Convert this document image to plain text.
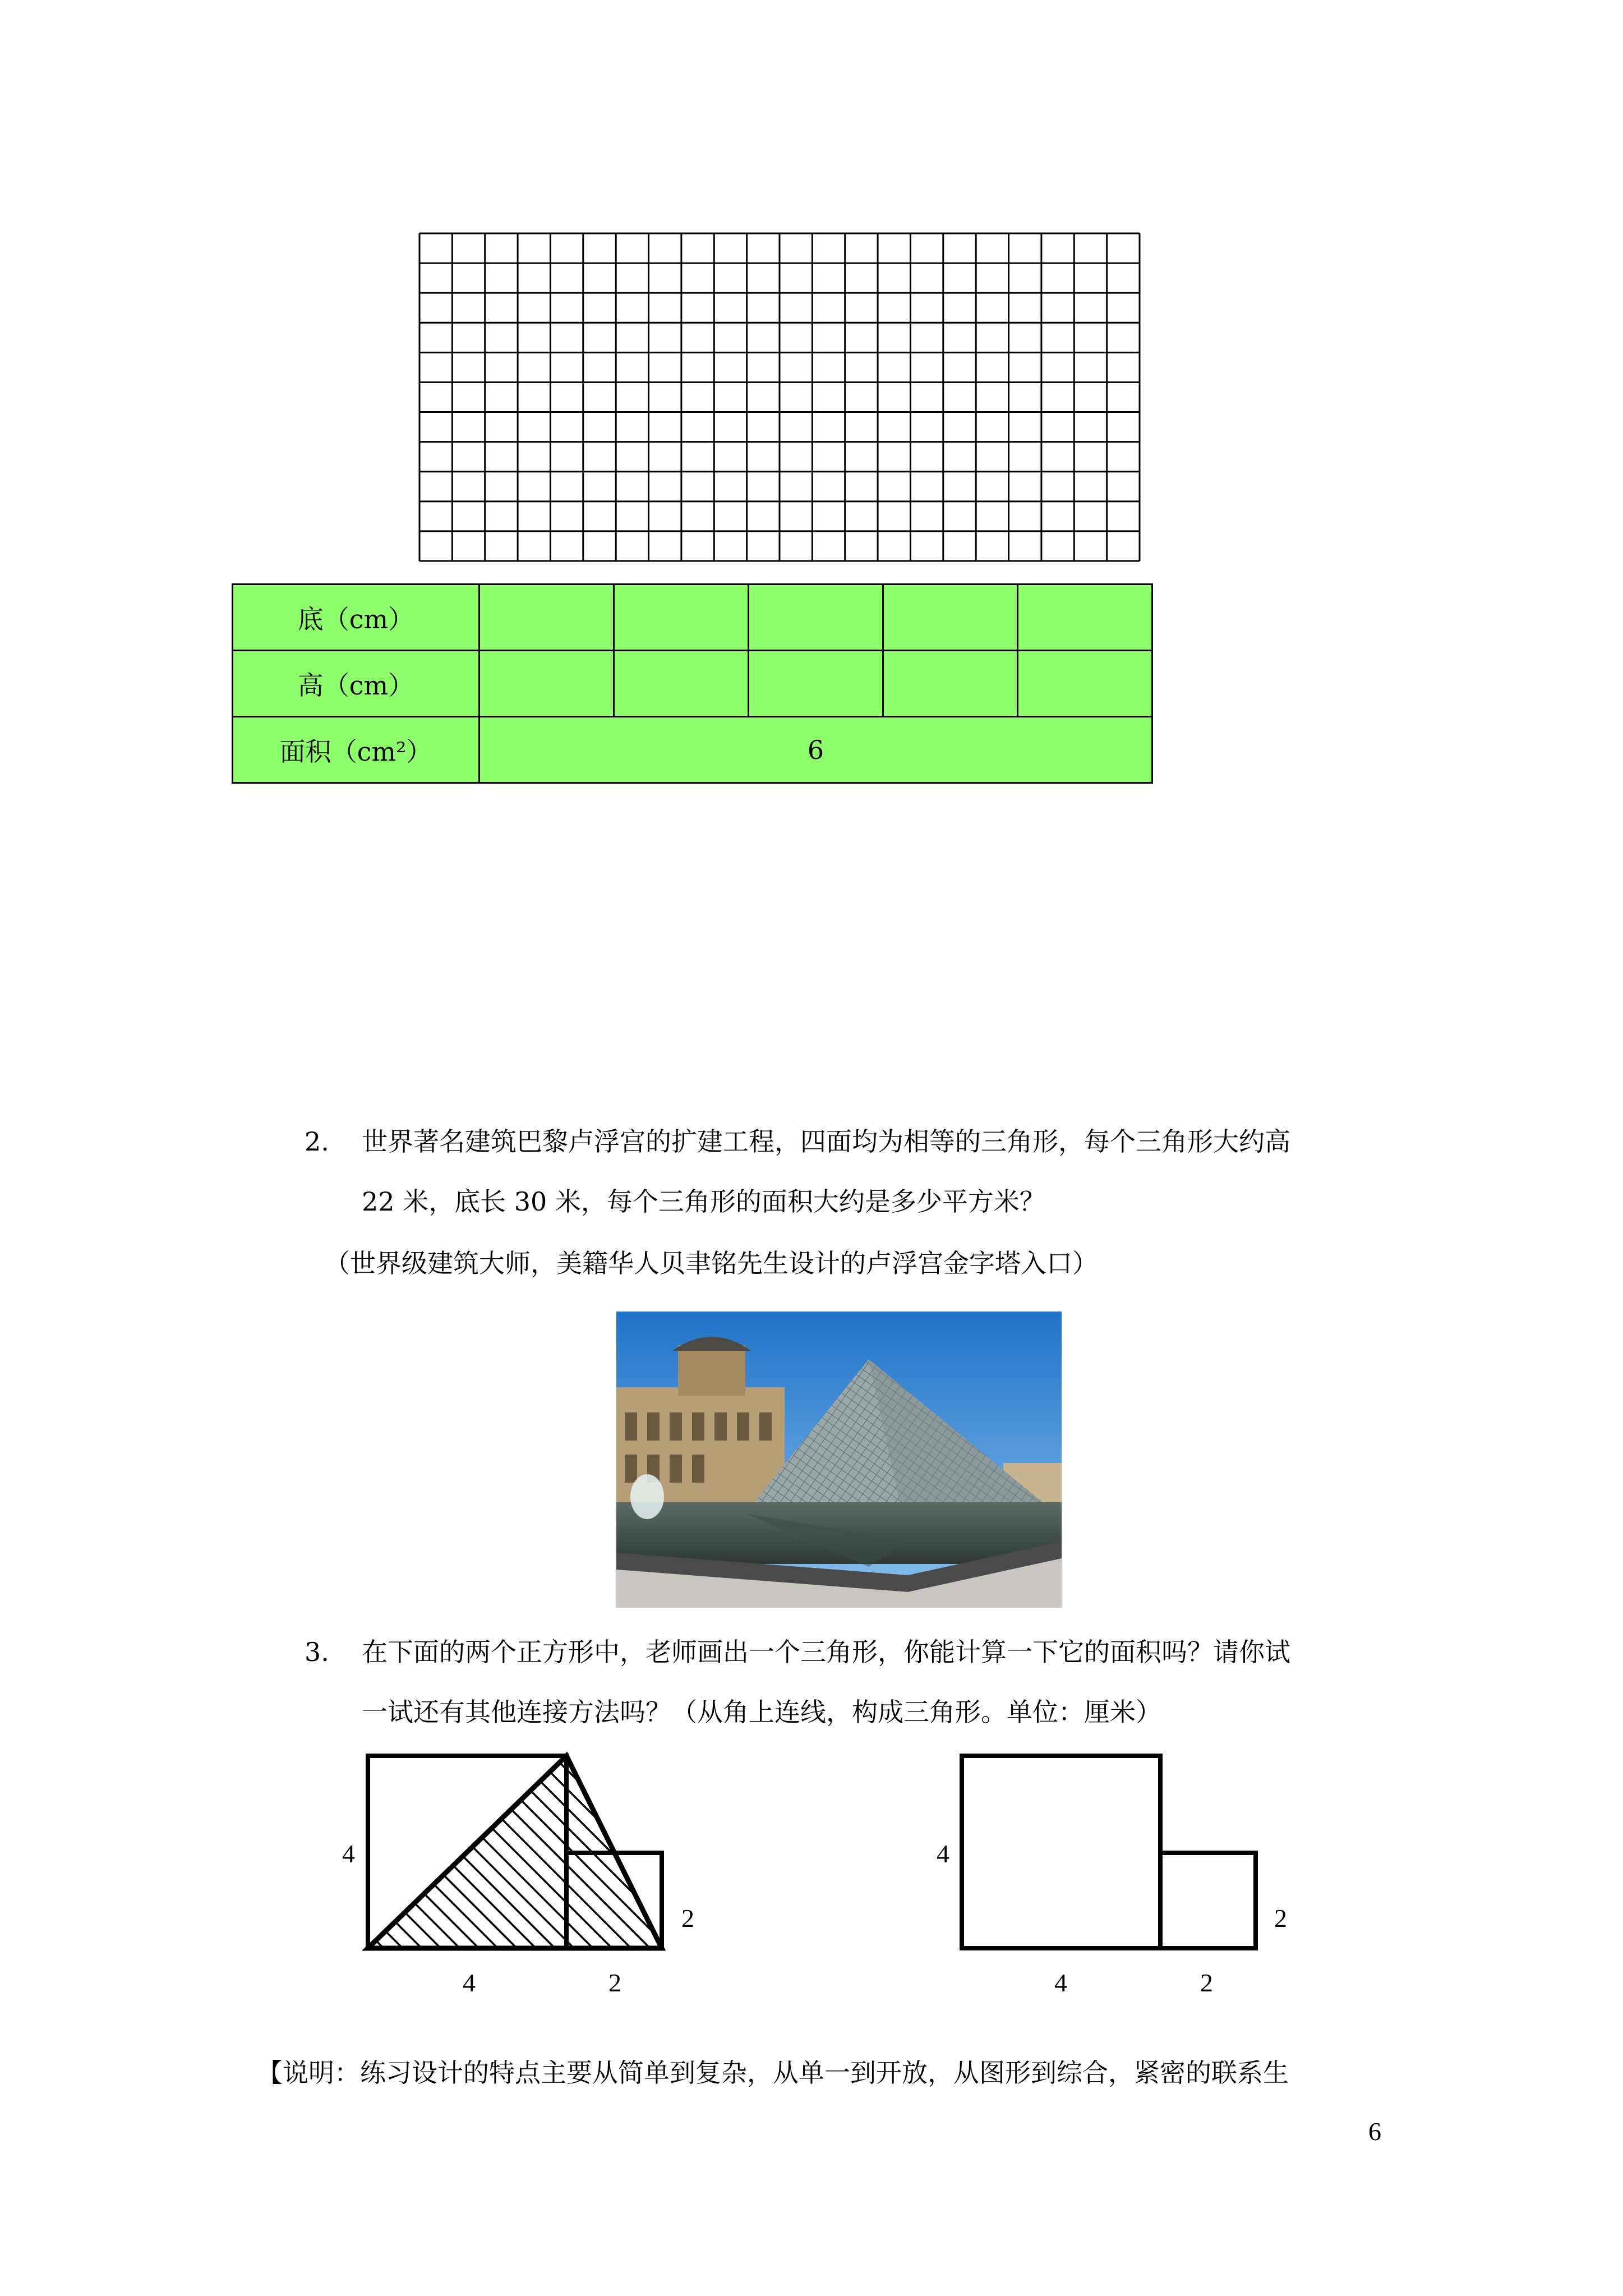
底（cm）					
高（cm）					
面积（cm²）	6				
2. 世界著名建筑巴黎卢浮宫的扩建工程，四面均为相等的三角形，每个三角形大约高
22 米，底长 30 米，每个三角形的面积大约是多少平方米？
（世界级建筑大师，美籍华人贝聿铭先生设计的卢浮宫金字塔入口）
3. 在下面的两个正方形中，老师画出一个三角形，你能计算一下它的面积吗？请你试
一试还有其他连接方法吗？（从角上连线，构成三角形。单位：厘米）
4
2
4	2
4
2
4	2
【说明：练习设计的特点主要从简单到复杂，从单一到开放，从图形到综合，紧密的联系生
6
